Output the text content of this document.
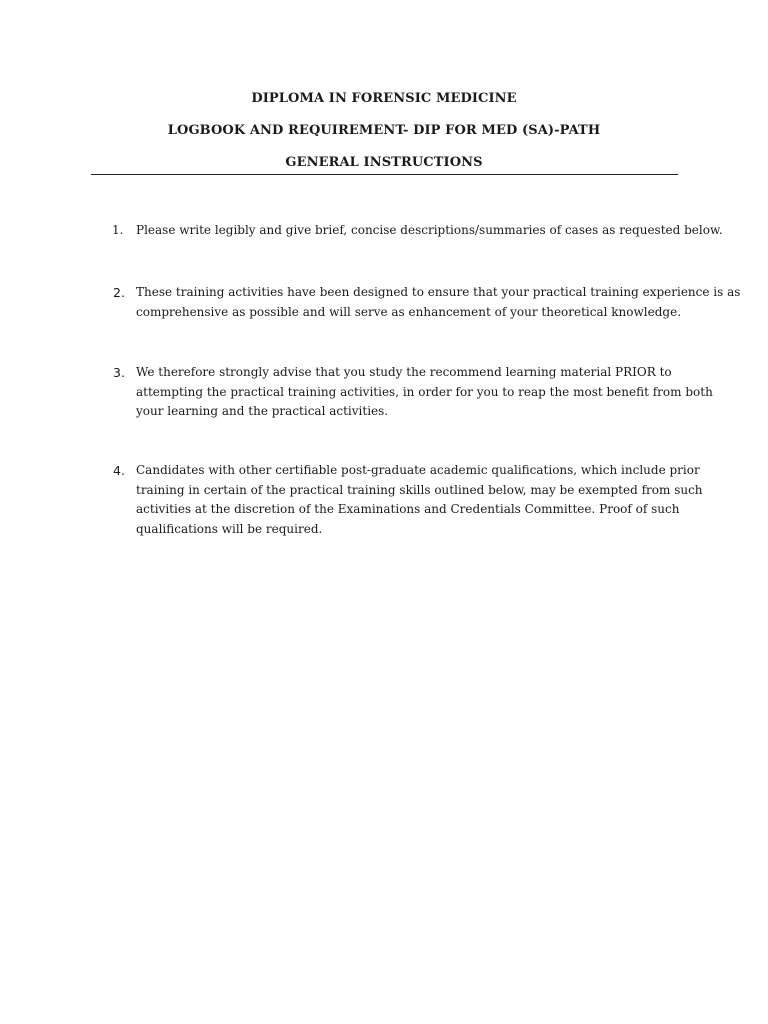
DIPLOMA IN FORENSIC MEDICINE
LOGBOOK AND REQUIREMENT- DIP FOR MED (SA)-PATH
GENERAL INSTRUCTIONS
1. Please write legibly and give brief, concise descriptions/summaries of cases as requested below.
2. These training activities have been designed to ensure that your practical training experience is as
comprehensive as possible and will serve as enhancement of your theoretical knowledge.
3. We therefore strongly advise that you study the recommend learning material PRIOR to
attempting the practical training activities, in order for you to reap the most benefit from both
your learning and the practical activities.
4. Candidates with other certifiable post-graduate academic qualifications, which include prior
training in certain of the practical training skills outlined below, may be exempted from such
activities at the discretion of the Examinations and Credentials Committee. Proof of such
qualifications will be required.
